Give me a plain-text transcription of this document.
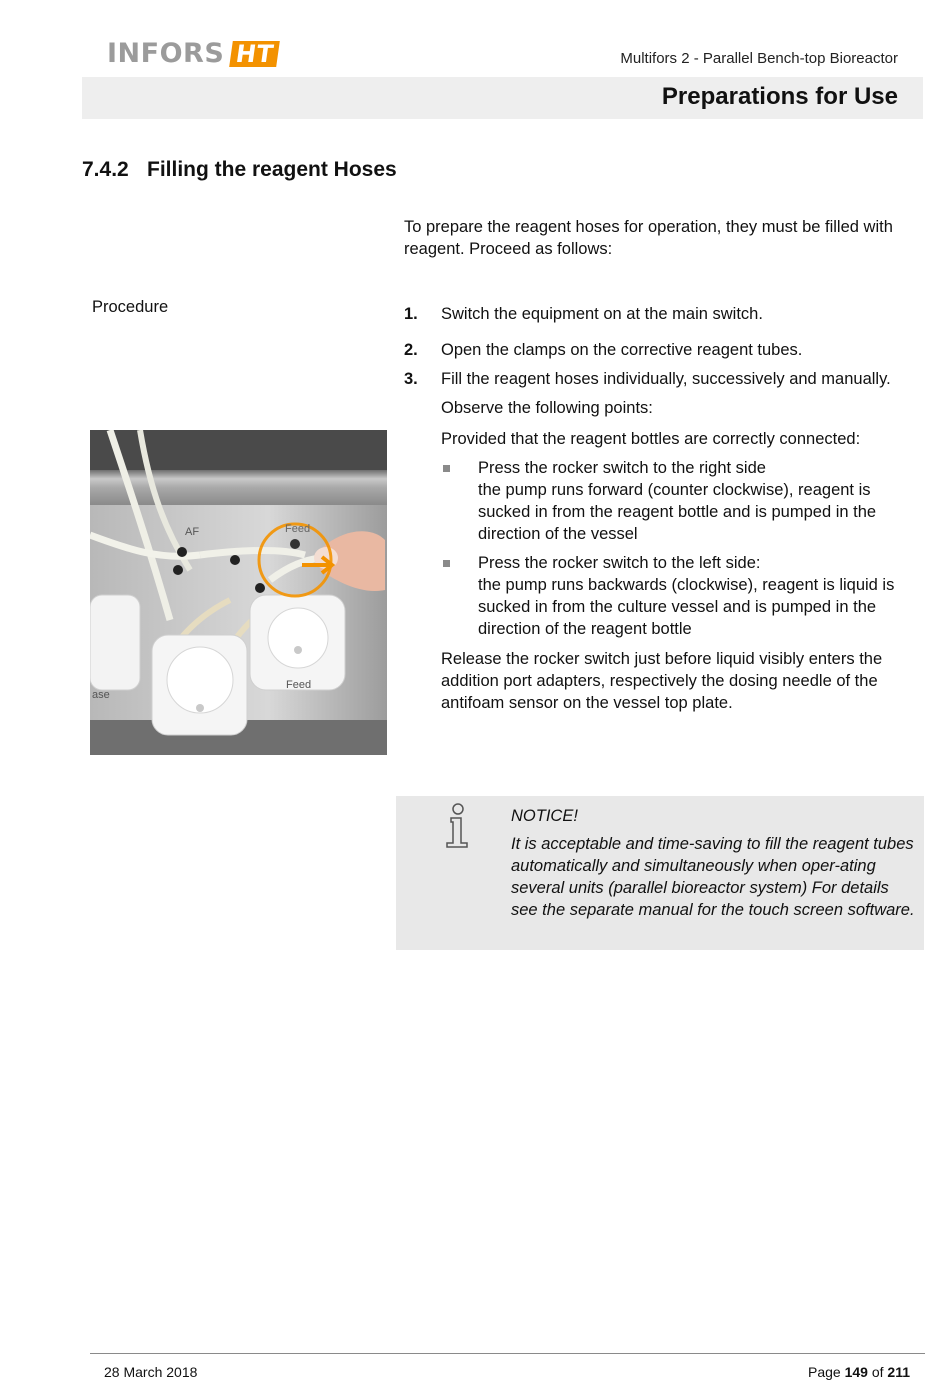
INFORS HT	Multifors 2 - Parallel Bench-top Bioreactor
Preparations for Use
7.4.2 Filling the reagent Hoses
To prepare the reagent hoses for operation, they must be filled with reagent. Proceed as follows:
Procedure	1. Switch the equipment on at the main switch.
2. Open the clamps on the corrective reagent tubes.
3. Fill the reagent hoses individually, successively and manually.
Observe the following points:
Provided that the reagent bottles are correctly connected:
Press the rocker switch to the right side
the pump runs forward (counter clockwise), reagent is sucked in from the reagent bottle and is pumped in the direction of the vessel
Press the rocker switch to the left side:
the pump runs backwards (clockwise), reagent is liquid is sucked in from the culture vessel and is pumped in the direction of the reagent bottle
Release the rocker switch just before liquid visibly enters the addition port adapters, respectively the dosing needle of the antifoam sensor on the vessel top plate.
AF	Feed
Feed
ase
NOTICE!
It is acceptable and time-saving to fill the reagent tubes automatically and simultaneously when oper-ating several units (parallel bioreactor system) For details see the separate manual for the touch screen software.
28 March 2018	Page 149 of 211
